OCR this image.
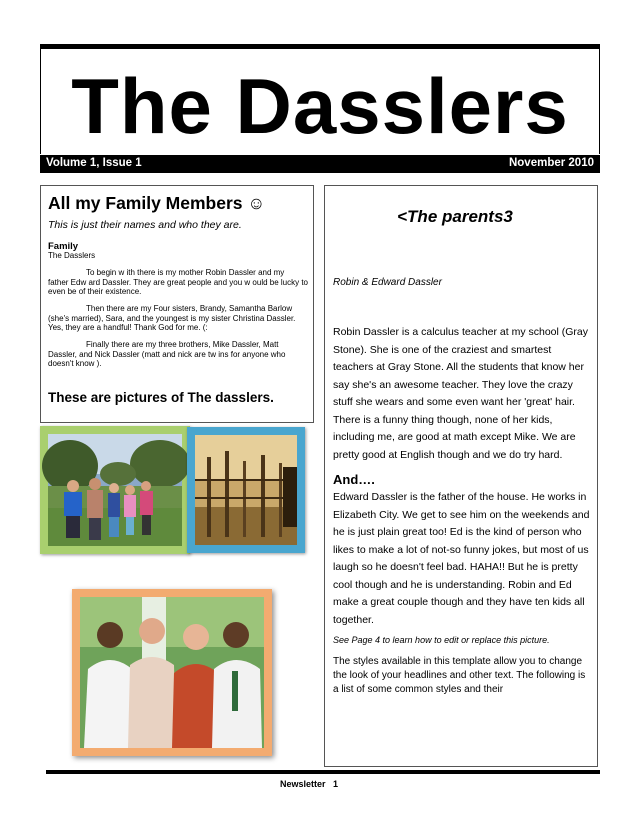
The Dasslers
Volume 1, Issue 1	November 2010
All my Family Members ☺
This is just their names and who they are.
Family
The Dasslers
To begin w ith there is my mother Robin Dassler and my
father Edw ard Dassler. They are great people and you w ould be lucky to even be of their existence.
Then there are my Four sisters, Brandy, Samantha Barlow
(she's married), Sara, and the youngest is my sister Christina Dassler. Yes, they are a handful! Thank God for me. (:
Finally there are my three brothers, Mike Dassler, Matt
Dassler, and Nick Dassler (matt and nick are tw ins for anyone who doesn't know ).
These are pictures of The dasslers.
<The parents3
Robin & Edward Dassler
Robin Dassler is a calculus teacher at my school (Gray Stone). She is one of the craziest and smartest teachers at Gray Stone. All the students that know her say she's an awesome teacher. They love the crazy stuff she wears and some even want her 'great' hair. There is a funny thing though, none of her kids, including me, are good at math except Mike. We are pretty good at English though and we do try hard.
And….
Edward Dassler is the father of the house. He works in Elizabeth City. We get to see him on the weekends and he is just plain great too! Ed is the kind of person who likes to make a lot of not-so funny jokes, but most of us laugh so he doesn't feel bad. HAHA!! But he is pretty cool though and he is understanding. Robin and Ed make a great couple though and they have ten kids all together.
See Page 4 to learn how to edit or replace this picture.
The styles available in this template allow you to change the look of your headlines and other text. The following is a list of some common styles and their
Newsletter 1
